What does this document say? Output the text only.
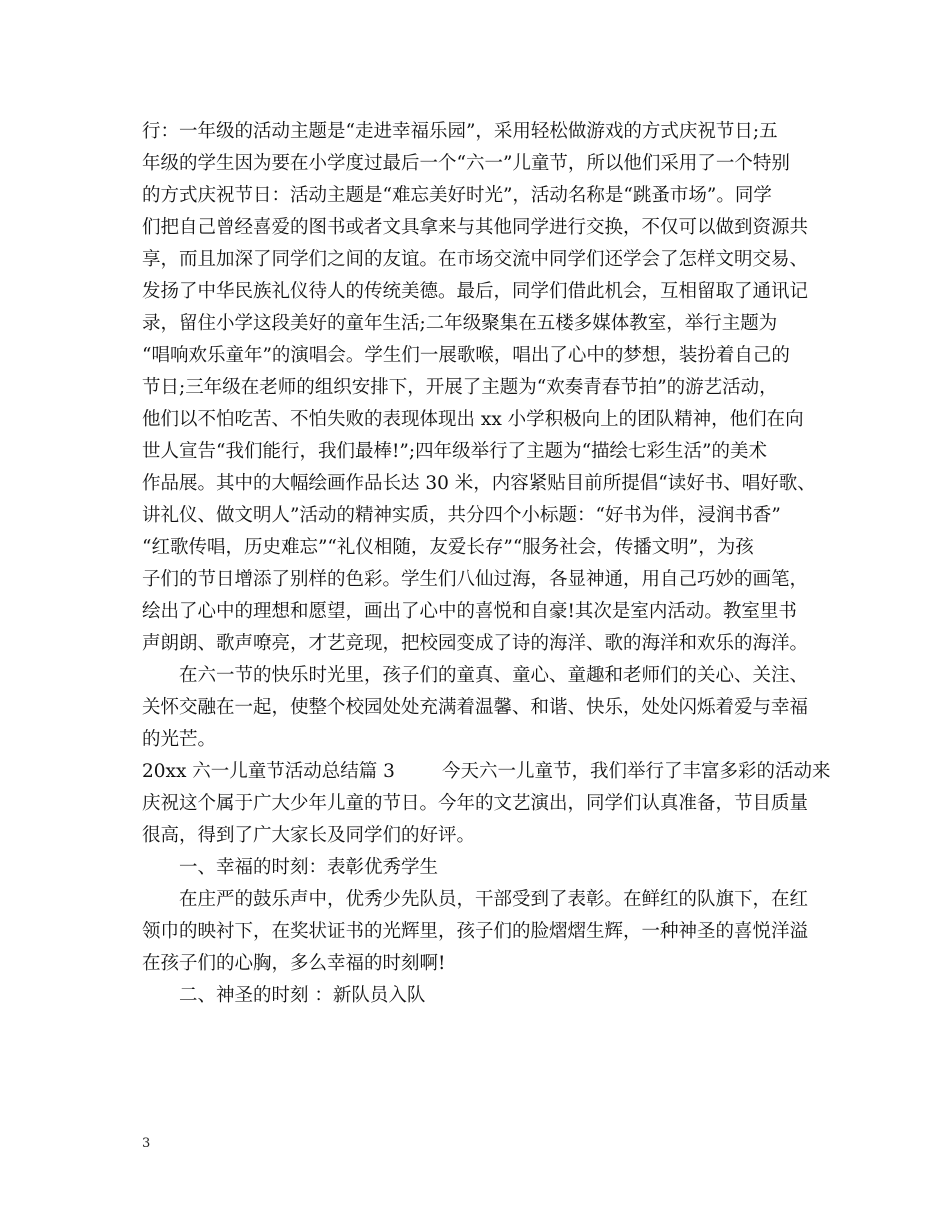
行：一年级的活动主题是“走进幸福乐园”，采用轻松做游戏的方式庆祝节日;五
年级的学生因为要在小学度过最后一个“六一”儿童节，所以他们采用了一个特别
的方式庆祝节日：活动主题是“难忘美好时光”，活动名称是“跳蚤市场”。同学
们把自己曾经喜爱的图书或者文具拿来与其他同学进行交换，不仅可以做到资源共
享，而且加深了同学们之间的友谊。在市场交流中同学们还学会了怎样文明交易、
发扬了中华民族礼仪待人的传统美德。最后，同学们借此机会，互相留取了通讯记
录，留住小学这段美好的童年生活;二年级聚集在五楼多媒体教室，举行主题为
“唱响欢乐童年”的演唱会。学生们一展歌喉，唱出了心中的梦想，装扮着自己的
节日;三年级在老师的组织安排下，开展了主题为“欢奏青春节拍”的游艺活动，
他们以不怕吃苦、不怕失败的表现体现出 xx 小学积极向上的团队精神，他们在向
世人宣告“我们能行，我们最棒!”;四年级举行了主题为“描绘七彩生活”的美术
作品展。其中的大幅绘画作品长达 30 米，内容紧贴目前所提倡“读好书、唱好歌、
讲礼仪、做文明人”活动的精神实质，共分四个小标题：“好书为伴，浸润书香”
“红歌传唱，历史难忘”“礼仪相随，友爱长存”“服务社会，传播文明”，为孩
子们的节日增添了别样的色彩。学生们八仙过海，各显神通，用自己巧妙的画笔，
绘出了心中的理想和愿望，画出了心中的喜悦和自豪!其次是室内活动。教室里书
声朗朗、歌声嘹亮，才艺竞现，把校园变成了诗的海洋、歌的海洋和欢乐的海洋。
在六一节的快乐时光里，孩子们的童真、童心、童趣和老师们的关心、关注、
关怀交融在一起，使整个校园处处充满着温馨、和谐、快乐，处处闪烁着爱与幸福
的光芒。
20xx 六一儿童节活动总结篇 3        今天六一儿童节，我们举行了丰富多彩的活动来
庆祝这个属于广大少年儿童的节日。今年的文艺演出，同学们认真准备，节目质量
很高，得到了广大家长及同学们的好评。
一、幸福的时刻：表彰优秀学生
在庄严的鼓乐声中，优秀少先队员，干部受到了表彰。在鲜红的队旗下，在红
领巾的映衬下，在奖状证书的光辉里，孩子们的脸熠熠生辉，一种神圣的喜悦洋溢
在孩子们的心胸，多么幸福的时刻啊!
二、神圣的时刻 ：新队员入队
3
